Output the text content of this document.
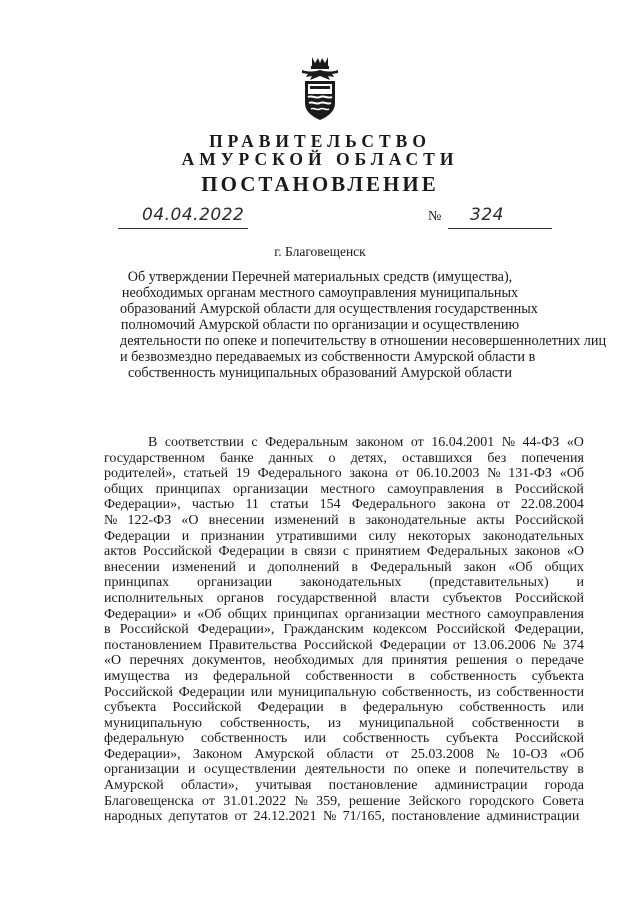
ПРАВИТЕЛЬСТВО
АМУРСКОЙ ОБЛАСТИ
ПОСТАНОВЛЕНИЕ
04.04.2022	№ 324
г. Благовещенск
Об утверждении Перечней материальных средств (имущества),
необходимых органам местного самоуправления муниципальных
образований Амурской области для осуществления государственных
полномочий Амурской области по организации и осуществлению
деятельности по опеке и попечительству в отношении несовершеннолетних лиц
и безвозмездно передаваемых из собственности Амурской области в
собственность муниципальных образований Амурской области
В соответствии с Федеральным законом от 16.04.2001 № 44-ФЗ «О
государственном банке данных о детях, оставшихся без попечения
родителей», статьей 19 Федерального закона от 06.10.2003 № 131-ФЗ «Об
общих принципах организации местного самоуправления в Российской
Федерации», частью 11 статьи 154 Федерального закона от 22.08.2004
№ 122-ФЗ «О внесении изменений в законодательные акты Российской
Федерации и признании утратившими силу некоторых законодательных
актов Российской Федерации в связи с принятием Федеральных законов «О
внесении изменений и дополнений в Федеральный закон «Об общих
принципах организации законодательных (представительных) и
исполнительных органов государственной власти субъектов Российской
Федерации» и «Об общих принципах организации местного самоуправления
в Российской Федерации», Гражданским кодексом Российской Федерации,
постановлением Правительства Российской Федерации от 13.06.2006 № 374
«О перечнях документов, необходимых для принятия решения о передаче
имущества из федеральной собственности в собственность субъекта
Российской Федерации или муниципальную собственность, из собственности
субъекта Российской Федерации в федеральную собственность или
муниципальную собственность, из муниципальной собственности в
федеральную собственность или собственность субъекта Российской
Федерации», Законом Амурской области от 25.03.2008 № 10-ОЗ «Об
организации и осуществлении деятельности по опеке и попечительству в
Амурской области», учитывая постановление администрации города
Благовещенска от 31.01.2022 № 359, решение Зейского городского Совета
народных депутатов от 24.12.2021 № 71/165, постановление администрации
